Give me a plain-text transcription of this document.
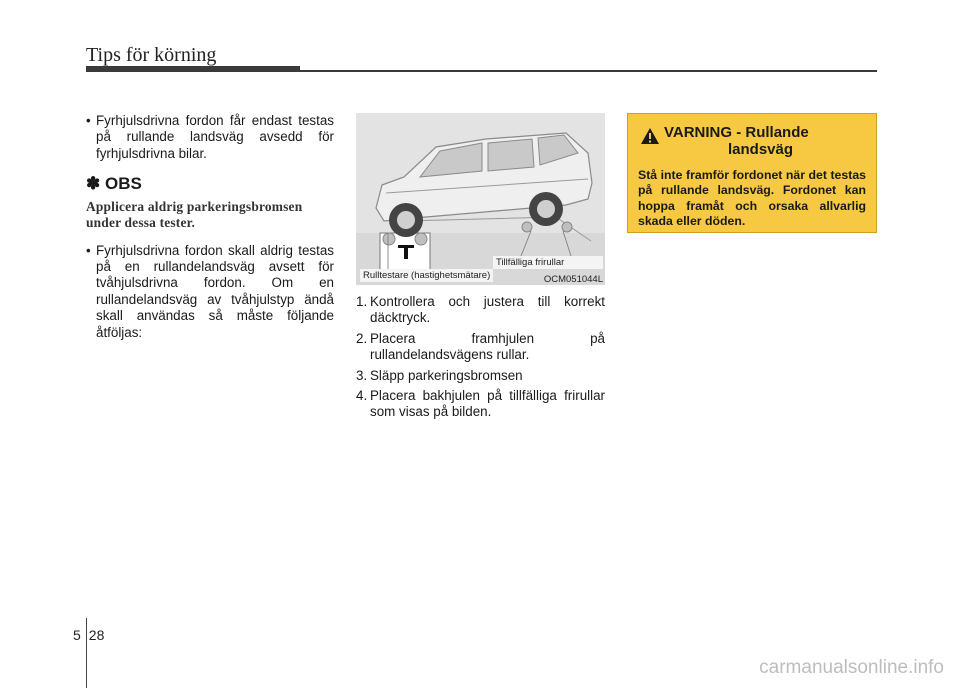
Tips för körning
• Fyrhjulsdrivna fordon får endast testas på rullande landsväg avsedd för fyrhjulsdrivna bilar.
✽ OBS
Applicera aldrig parkeringsbromsen under dessa tester.
• Fyrhjulsdrivna fordon skall aldrig testas på en rullandelandsväg avsett för tvåhjulsdrivna fordon. Om en rullandelandsväg av tvåhjulstyp ändå skall användas så måste följande åtföljas:
Tillfälliga frirullar
Rulltestare (hastighetsmätare)	OCM051044L
1. Kontrollera och justera till korrekt däcktryck.
2. Placera framhjulen på rullandelandsvägens rullar.
3. Släpp parkeringsbromsen
4. Placera bakhjulen på tillfälliga frirullar som visas på bilden.
VARNING - Rullande
landsväg
Stå inte framför fordonet när det testas på rullande landsväg. Fordonet kan hoppa framåt och orsaka allvarlig skada eller döden.
5 28
carmanualsonline.info
